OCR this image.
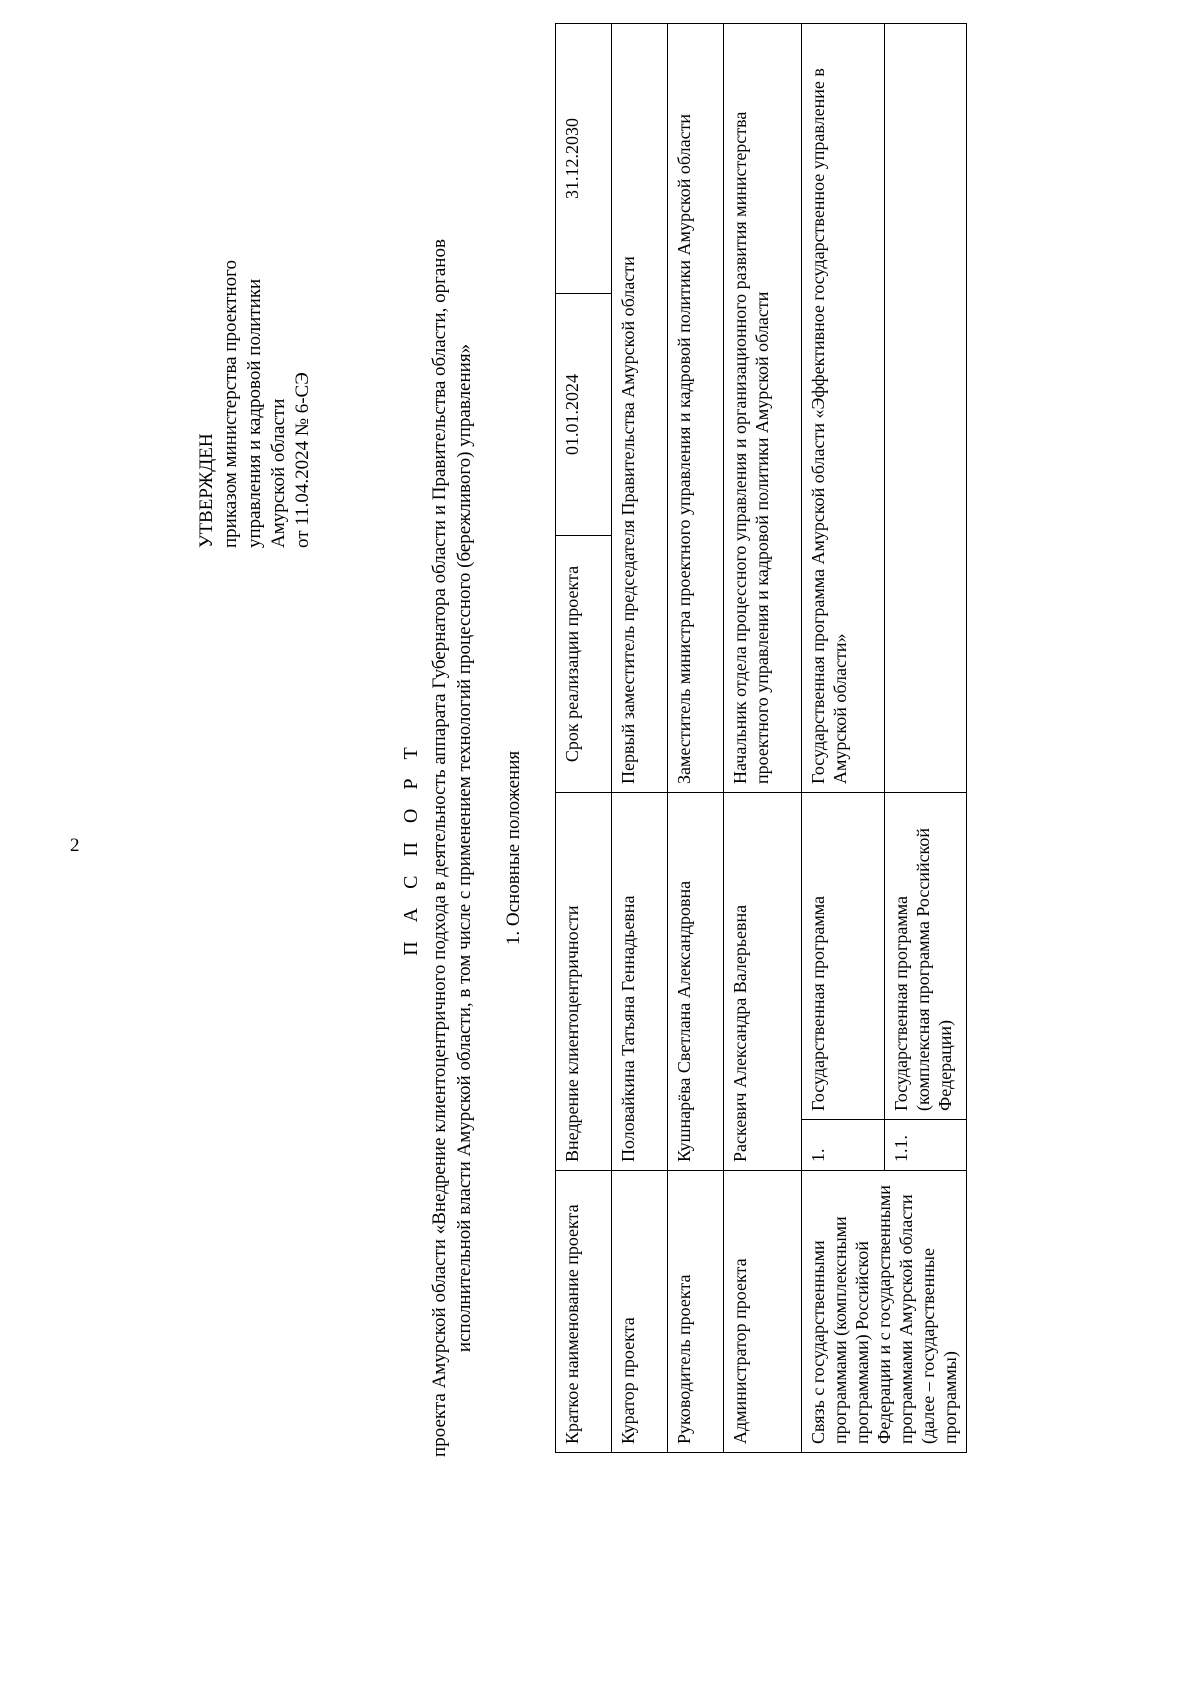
2
УТВЕРЖДЕН приказом министерства проектного управления и кадровой политики Амурской области от 11.04.2024 № 6-СЭ
П А С П О Р Т проекта Амурской области «Внедрение клиентоцентричного подхода в деятельность аппарата Губернатора области и Правительства области, органов исполнительной власти Амурской области, в том числе с применением технологий процессного (бережливого) управления» 1. Основные положения
Краткое наименование проекта	Внедрение клиентоцентричности		Срок реализации проекта	01.01.2024	31.12.2030
Куратор проекта	Половайкина Татьяна Геннадьевна		Первый заместитель председателя Правительства Амурской области		
Руководитель проекта	Кушнарёва Светлана Александровна		Заместитель министра проектного управления и кадровой политики Амурской области		
Администратор проекта	Раскевич Александра Валерьевна		Начальник отдела процессного управления и организационного развития министерства проектного управления и кадровой политики Амурской области		
Связь с государственными программами (комплексными программами) Российской Федерации и с государственными программами Амурской области (далее – государственные программы)	1.	Государственная программа	Государственная программа Амурской области «Эффективное государственное управление в Амурской области»		
	1.1.	Государственная программа (комплексная программа Российской Федерации)			
